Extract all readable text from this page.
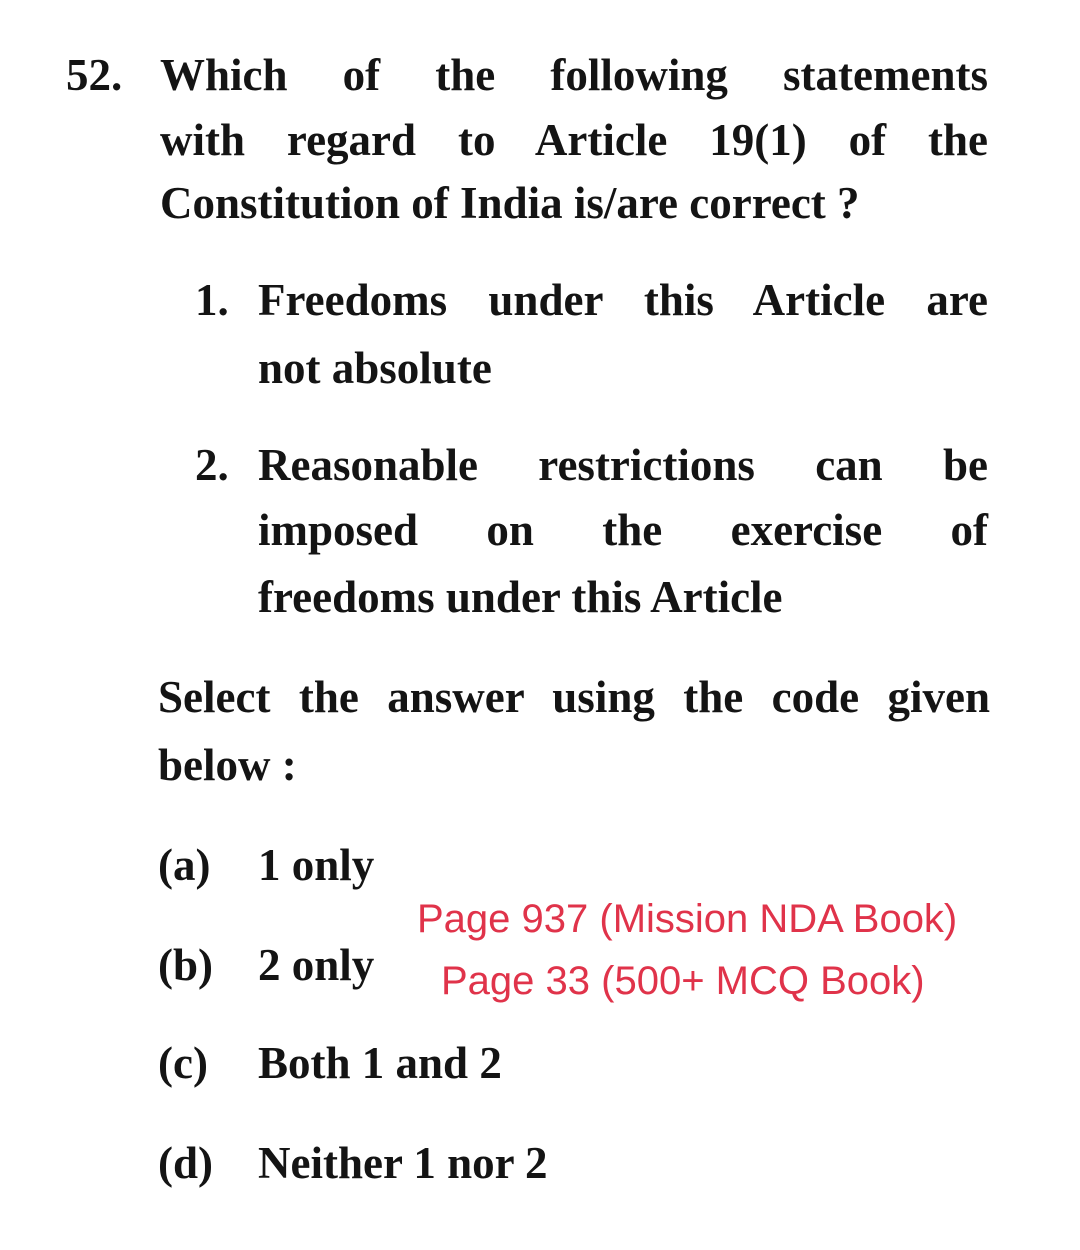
52. Which of the following statements
with regard to Article 19(1) of the
Constitution of India is/are correct ?
1. Freedoms under this Article are
not absolute
2. Reasonable restrictions can be
imposed on the exercise of
freedoms under this Article
Select the answer using the code given
below :
(a) 1 only
(b) 2 only
(c) Both 1 and 2
(d) Neither 1 nor 2
Page 937 (Mission NDA Book)
Page 33 (500+ MCQ Book)
